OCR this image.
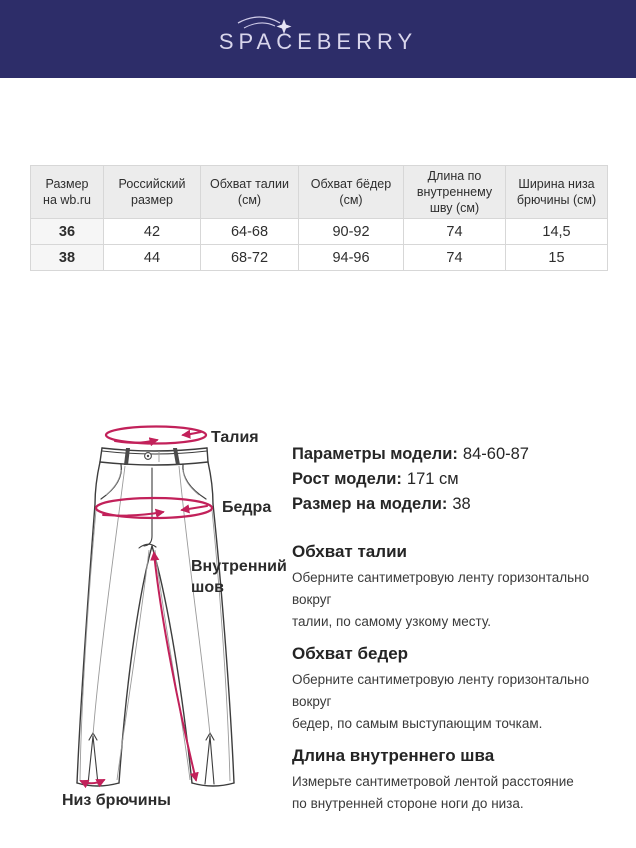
SPACEBERRY
Размер на wb.ru	Российский размер	Обхват талии (см)	Обхват бёдер (см)	Длина по внутреннему шву (см)	Ширина низа брючины (см)
36	42	64-68	90-92	74	14,5
38	44	68-72	94-96	74	15
Талия
Бедра
Внутренний шов
Низ брючины
Параметры модели: 84-60-87
Рост модели: 171 см
Размер на модели: 38
Обхват талии
Оберните сантиметровую ленту горизонтально вокруг
талии, по самому узкому месту.
Обхват бедер
Оберните сантиметровую ленту горизонтально вокруг
бедер, по самым выступающим точкам.
Длина внутреннего шва
Измерьте сантиметровой лентой расстояние
по внутренней стороне ноги до низа.
